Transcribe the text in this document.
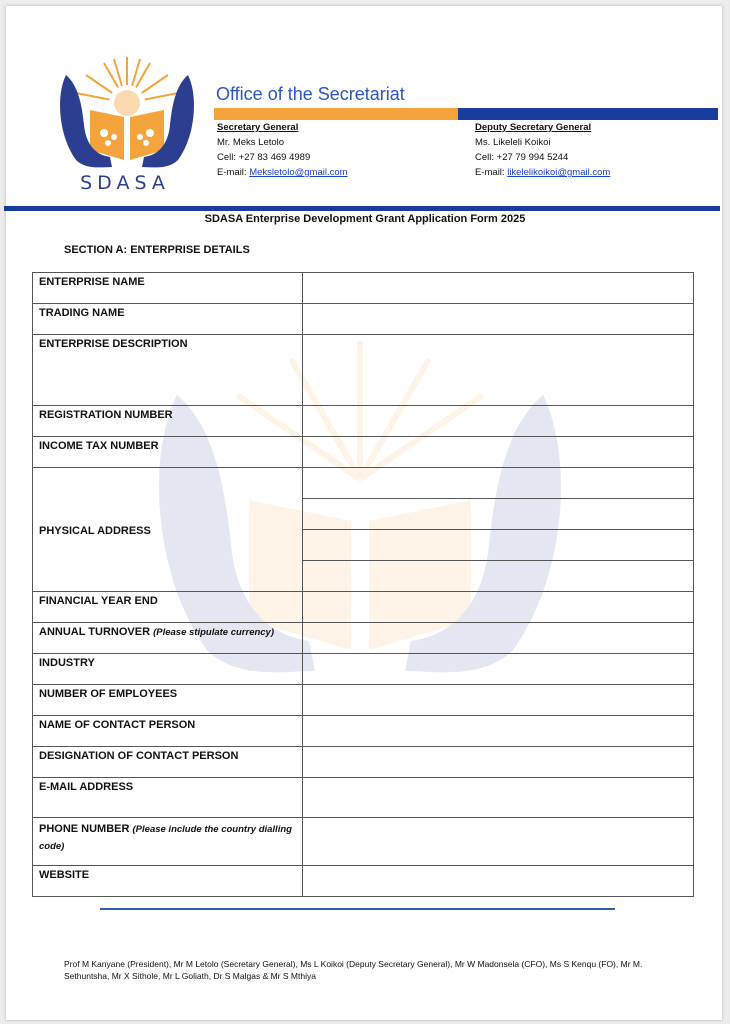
SDASA
Office of the Secretariat
Secretary General
Mr. Meks Letolo
Cell: +27 83 469 4989
E-mail: Meksletolo@gmail.com
Deputy Secretary General
Ms. Likeleli Koikoi
Cell: +27 79 994 5244
E-mail: likelelikoikoi@gmail.com
SDASA Enterprise Development Grant Application Form 2025
SECTION A: ENTERPRISE DETAILS
ENTERPRISE NAME	
TRADING NAME	
ENTERPRISE DESCRIPTION	
REGISTRATION NUMBER	
INCOME TAX NUMBER	
PHYSICAL ADDRESS	

FINANCIAL YEAR END	
ANNUAL TURNOVER (Please stipulate currency)	
INDUSTRY	
NUMBER OF EMPLOYEES	
NAME OF CONTACT PERSON	
DESIGNATION OF CONTACT PERSON	
E-MAIL ADDRESS	
PHONE NUMBER (Please include the country dialling code)	
WEBSITE	
Prof M Kanyane (President), Mr M Letolo (Secretary General), Ms L Koikoi (Deputy Secretary General), Mr W Madonsela (CFO), Ms S Kenqu (FO), Mr M. Sethuntsha, Mr X Sithole, Mr L Goliath, Dr S Malgas & Mr S Mthiya
